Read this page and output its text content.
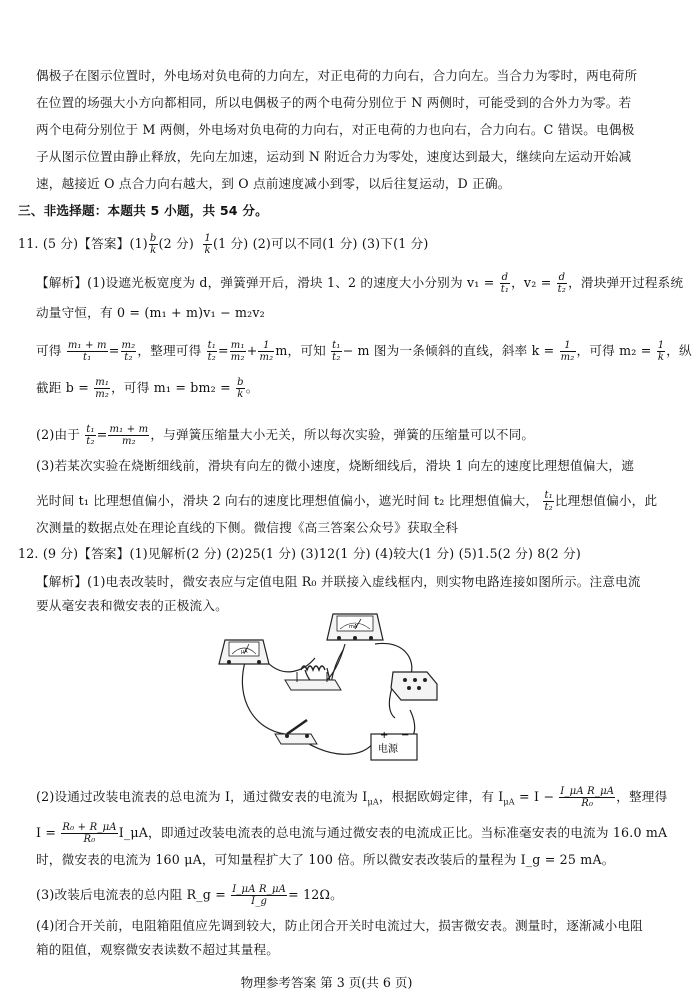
偶极子在图示位置时，外电场对负电荷的力向左，对正电荷的力向右，合力向左。当合力为零时，两电荷所
在位置的场强大小方向都相同，所以电偶极子的两个电荷分别位于 N 两侧时，可能受到的合外力为零。若
两个电荷分别位于 M 两侧，外电场对负电荷的力向右，对正电荷的力也向右，合力向右。C 错误。电偶极
子从图示位置由静止释放，先向左加速，运动到 N 附近合力为零处，速度达到最大，继续向左运动开始减
速，越接近 O 点合力向右越大，到 O 点前速度减小到零，以后往复运动，D 正确。
三、非选择题：本题共 5 小题，共 54 分。
11. (5 分)【答案】$(1) \frac{b}{k} (2$ 分) $\frac{1}{k} (1$ 分) (2)可以不同(1 分) (3)下(1 分)
【解析】(1)设遮光板宽度为 d，弹簧弹开后，滑块 1、2 的速度大小分别为 $v_1 = \frac{d}{\text{t₁}}$ ，$v_2 = \frac{d}{\text{t₂}}$ ，滑块弹开过程系统
动量守恒，有 0 = (m₁ + m)v₁ − m₂v₂
可得 $\frac{\text{m₁ + m}}{\text{t₁}} = \frac{\text{m₂}}{\text{t₂}}$ ，整理可得 $\frac{\text{t₁}}{\text{t₂}} = \frac{\text{m₁}}{\text{m₂}} + \frac{1}{\text{m₂}}$ m，可知 $\frac{\text{t₁}}{\text{t₂}} - m$ 图为一条倾斜的直线，斜率 $k = \frac{1}{\text{m₂}}$ ，可得 $m_2 = \frac{1}{k}$ ，纵
截距 $b = \frac{\text{m₁}}{\text{m₂}}$ ，可得 $m_1 = bm_2 = \frac{b}{k}$ 。
(2)由于 $\frac{\text{t₁}}{\text{t₂}} = \frac{\text{m₁ + m}}{\text{m₂}}$ ，与弹簧压缩量大小无关，所以每次实验，弹簧的压缩量可以不同。
(3)若某次实验在烧断细线前，滑块有向左的微小速度，烧断细线后，滑块 1 向左的速度比理想值偏大，遮
光时间 t₁ 比理想值偏小，滑块 2 向右的速度比理想值偏小，遮光时间 t₂ 比理想值偏大， $\frac{\text{t₁}}{\text{t₂}}$ 比理想值偏小，此
次测量的数据点处在理论直线的下侧。微信搜《高三答案公众号》获取全科
12. (9 分)【答案】(1)见解析(2 分) (2)25(1 分) (3)12(1 分) (4)较大(1 分) (5)1.5(2 分) 8(2 分)
【解析】(1)电表改装时，微安表应与定值电阻 R₀ 并联接入虚线框内，则实物电路连接如图所示。注意电流
要从毫安表和微安表的正极流入。
μA
mA
+ −
电源
(2)设通过改装电流表的总电流为 I，通过微安表的电流为 $I_{\mu A}$，根据欧姆定律，有 $I_{\mu A} = I - \frac{\text{I\_μA R\_μA}}{\text{R₀}}$ ，整理得
$I = \frac{\text{R₀ + R\_μA}}{\text{R₀}}$ I_μA，即通过改装电流表的总电流与通过微安表的电流成正比。当标准毫安表的电流为 16.0 mA
时，微安表的电流为 160 μA，可知量程扩大了 100 倍。所以微安表改装后的量程为 I_g = 25 mA。
(3)改装后电流表的总内阻 R_g = $\frac{\text{I\_μA R\_μA}}{I\_g} = 12\Omega$。
(4)闭合开关前，电阻箱阻值应先调到较大，防止闭合开关时电流过大，损害微安表。测量时，逐渐减小电阻
箱的阻值，观察微安表读数不超过其量程。
物理参考答案 第 3 页(共 6 页)
